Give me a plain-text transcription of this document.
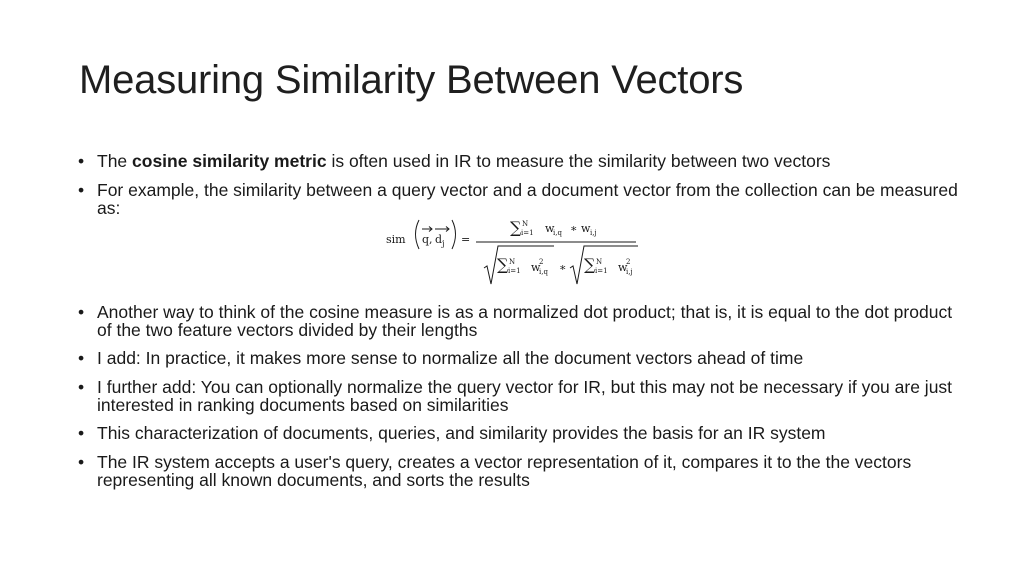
Measuring Similarity Between Vectors
• The cosine similarity metric is often used in IR to measure the similarity between two vectors
• For example, the similarity between a query vector and a document vector from the collection can be measured as:
• Another way to think of the cosine measure is as a normalized dot product; that is, it is equal to the dot product of the two feature vectors divided by their lengths
• I add: In practice, it makes more sense to normalize all the document vectors ahead of time
• I further add: You can optionally normalize the query vector for IR, but this may not be necessary if you are just interested in ranking documents based on similarities
• This characterization of documents, queries, and similarity provides the basis for an IR system
• The IR system accepts a user's query, creates a vector representation of it, compares it to the the vectors representing all known documents, and sorts the results
sim q , d j =
∑ N
i=1 w
i,q ∗ w i,j
∑ N
i=1 w
2
i,q ∗ ∑ N
i=1 w
2
i,j
